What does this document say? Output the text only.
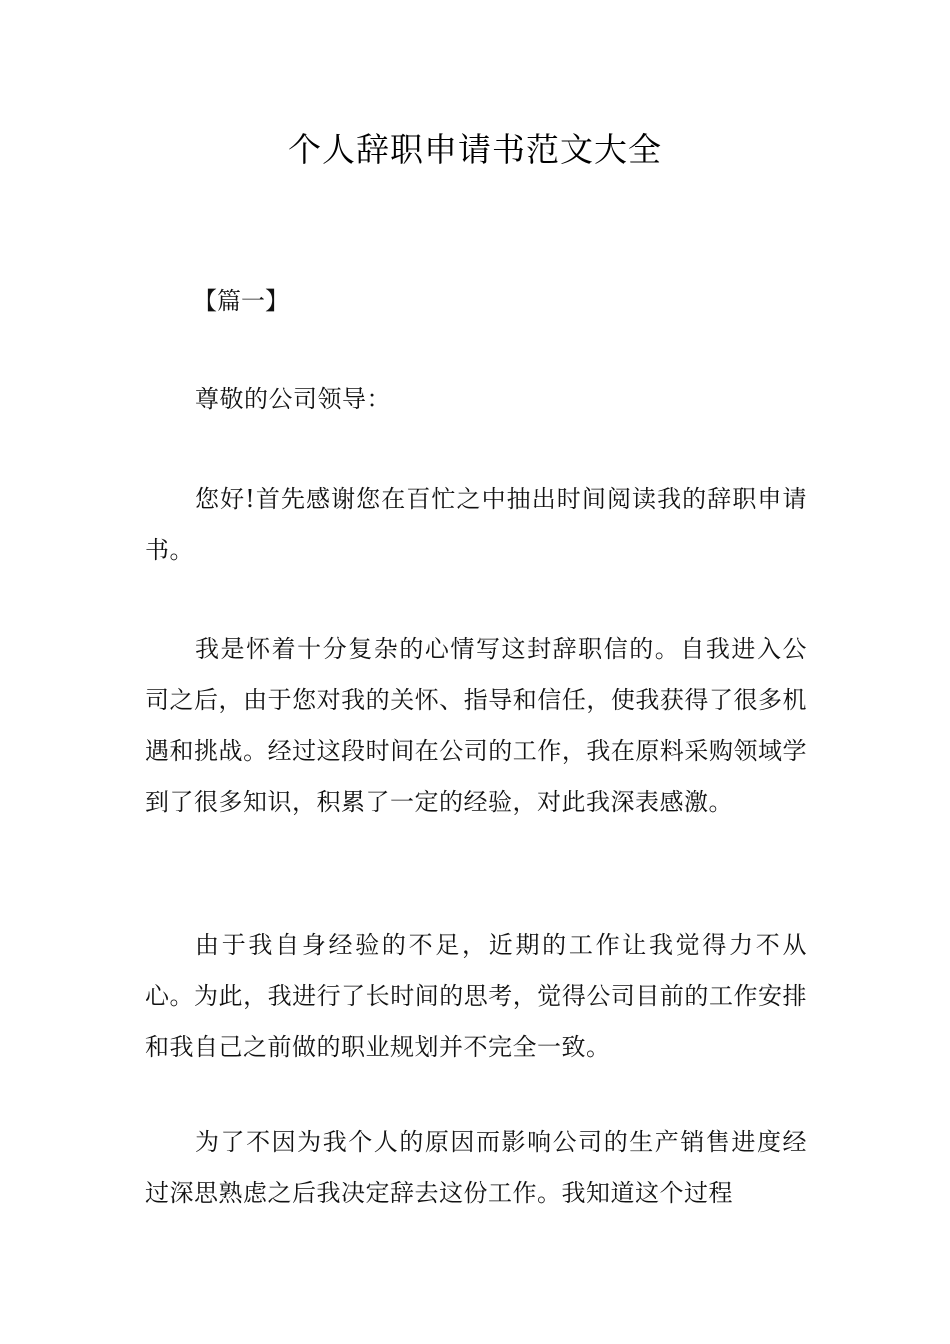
个人辞职申请书范文大全
【篇一】

尊敬的公司领导：

您好!首先感谢您在百忙之中抽出时间阅读我的辞职申请书。

我是怀着十分复杂的心情写这封辞职信的。自我进入公司之后，由于您对我的关怀、指导和信任，使我获得了很多机遇和挑战。经过这段时间在公司的工作，我在原料采购领域学到了很多知识，积累了一定的经验，对此我深表感激。

由于我自身经验的不足，近期的工作让我觉得力不从心。为此，我进行了长时间的思考，觉得公司目前的工作安排和我自己之前做的职业规划并不完全一致。

为了不因为我个人的原因而影响公司的生产销售进度经过深思熟虑之后我决定辞去这份工作。我知道这个过程
